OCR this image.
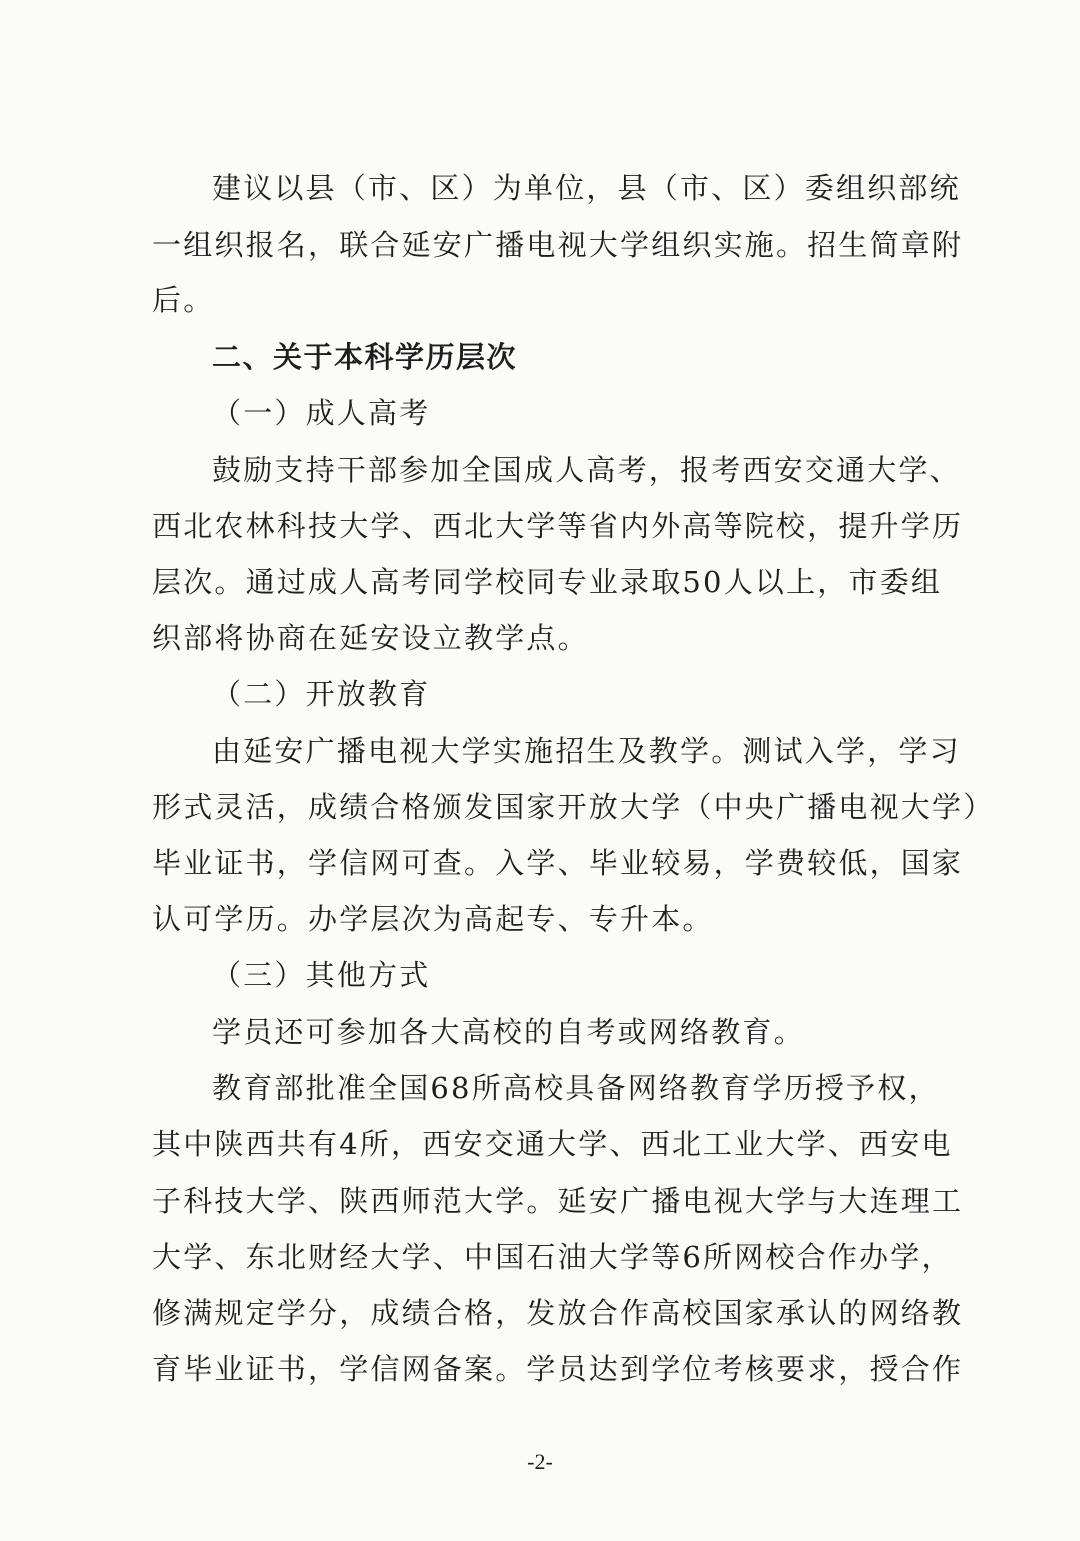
建议以县（市、区）为单位，县（市、区）委组织部统
一组织报名，联合延安广播电视大学组织实施。招生简章附
后。
二、关于本科学历层次
（一）成人高考
鼓励支持干部参加全国成人高考，报考西安交通大学、
西北农林科技大学、西北大学等省内外高等院校，提升学历
层次。通过成人高考同学校同专业录取50人以上，市委组
织部将协商在延安设立教学点。
（二）开放教育
由延安广播电视大学实施招生及教学。测试入学，学习
形式灵活，成绩合格颁发国家开放大学（中央广播电视大学）
毕业证书，学信网可查。入学、毕业较易，学费较低，国家
认可学历。办学层次为高起专、专升本。
（三）其他方式
学员还可参加各大高校的自考或网络教育。
教育部批准全国68所高校具备网络教育学历授予权，
其中陕西共有4所，西安交通大学、西北工业大学、西安电
子科技大学、陕西师范大学。延安广播电视大学与大连理工
大学、东北财经大学、中国石油大学等6所网校合作办学，
修满规定学分，成绩合格，发放合作高校国家承认的网络教
育毕业证书，学信网备案。学员达到学位考核要求，授合作
-2-
